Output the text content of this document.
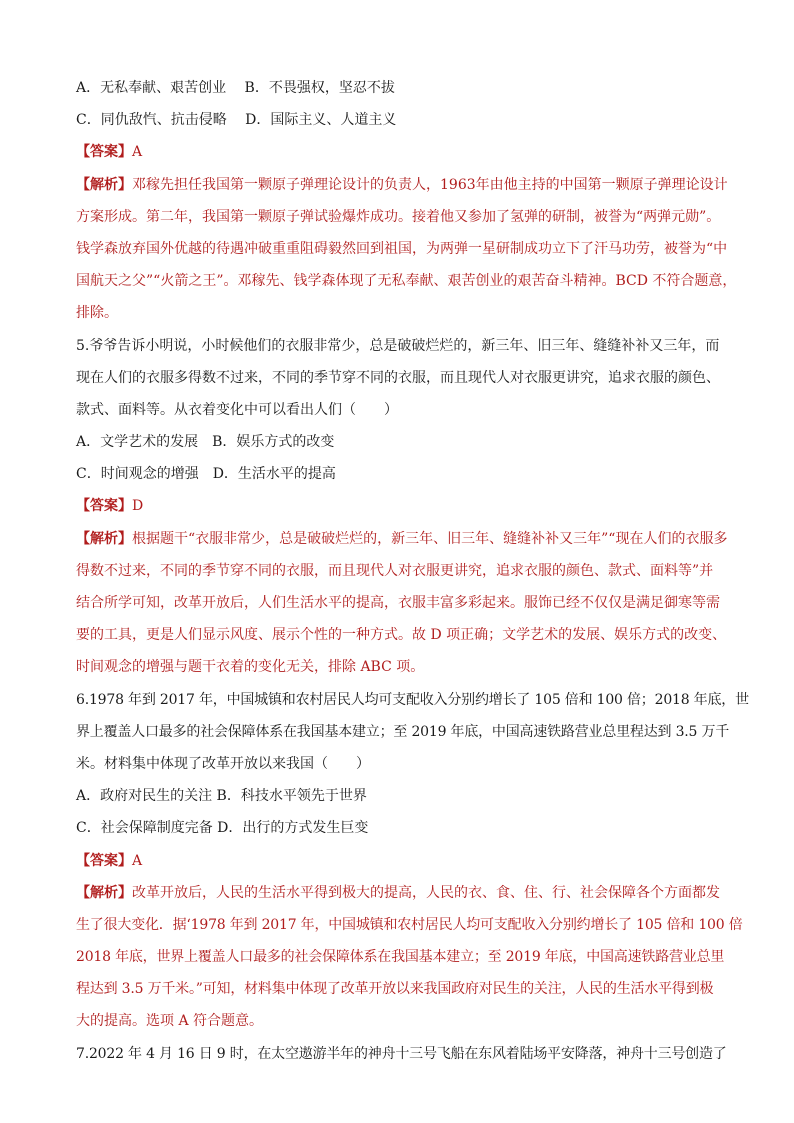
A．无私奉献、艰苦创业　 B．不畏强权，坚忍不拔
C．同仇敌忾、抗击侵略　 D．国际主义、人道主义
【答案】A
【解析】邓稼先担任我国第一颗原子弹理论设计的负责人，1963年由他主持的中国第一颗原子弹理论设计
方案形成。第二年，我国第一颗原子弹试验爆炸成功。接着他又参加了氢弹的研制，被誉为“两弹元勋”。
钱学森放弃国外优越的待遇冲破重重阻碍毅然回到祖国，为两弹一星研制成功立下了汗马功劳，被誉为“中
国航天之父”“火箭之王”。邓稼先、钱学森体现了无私奉献、艰苦创业的艰苦奋斗精神。BCD 不符合题意，
排除。
5.爷爷告诉小明说，小时候他们的衣服非常少，总是破破烂烂的，新三年、旧三年、缝缝补补又三年，而
现在人们的衣服多得数不过来，不同的季节穿不同的衣服，而且现代人对衣服更讲究，追求衣服的颜色、
款式、面料等。从衣着变化中可以看出人们（　　）
A．文学艺术的发展　B．娱乐方式的改变
C．时间观念的增强　D．生活水平的提高
【答案】D
【解析】根据题干“衣服非常少，总是破破烂烂的，新三年、旧三年、缝缝补补又三年”“现在人们的衣服多
得数不过来，不同的季节穿不同的衣服，而且现代人对衣服更讲究，追求衣服的颜色、款式、面料等”并
结合所学可知，改革开放后，人们生活水平的提高，衣服丰富多彩起来。服饰已经不仅仅是满足御寒等需
要的工具，更是人们显示风度、展示个性的一种方式。故 D 项正确；文学艺术的发展、娱乐方式的改变、
时间观念的增强与题干衣着的变化无关，排除 ABC 项。
6.1978 年到 2017 年，中国城镇和农村居民人均可支配收入分别约增长了 105 倍和 100 倍；2018 年底，世
界上覆盖人口最多的社会保障体系在我国基本建立；至 2019 年底，中国高速铁路营业总里程达到 3.5 万千
米。材料集中体现了改革开放以来我国（　　）
A．政府对民生的关注 B．科技水平领先于世界
C．社会保障制度完备 D．出行的方式发生巨变
【答案】A
【解析】改革开放后，人民的生活水平得到极大的提高，人民的衣、食、住、行、社会保障各个方面都发
生了很大变化．据‘1978 年到 2017 年，中国城镇和农村居民人均可支配收入分别约增长了 105 倍和 100 倍
2018 年底，世界上覆盖人口最多的社会保障体系在我国基本建立；至 2019 年底，中国高速铁路营业总里
程达到 3.5 万千米。”可知，材料集中体现了改革开放以来我国政府对民生的关注，人民的生活水平得到极
大的提高。选项 A 符合题意。
7.2022 年 4 月 16 日 9 时，在太空遨游半年的神舟十三号飞船在东风着陆场平安降落，神舟十三号创造了
